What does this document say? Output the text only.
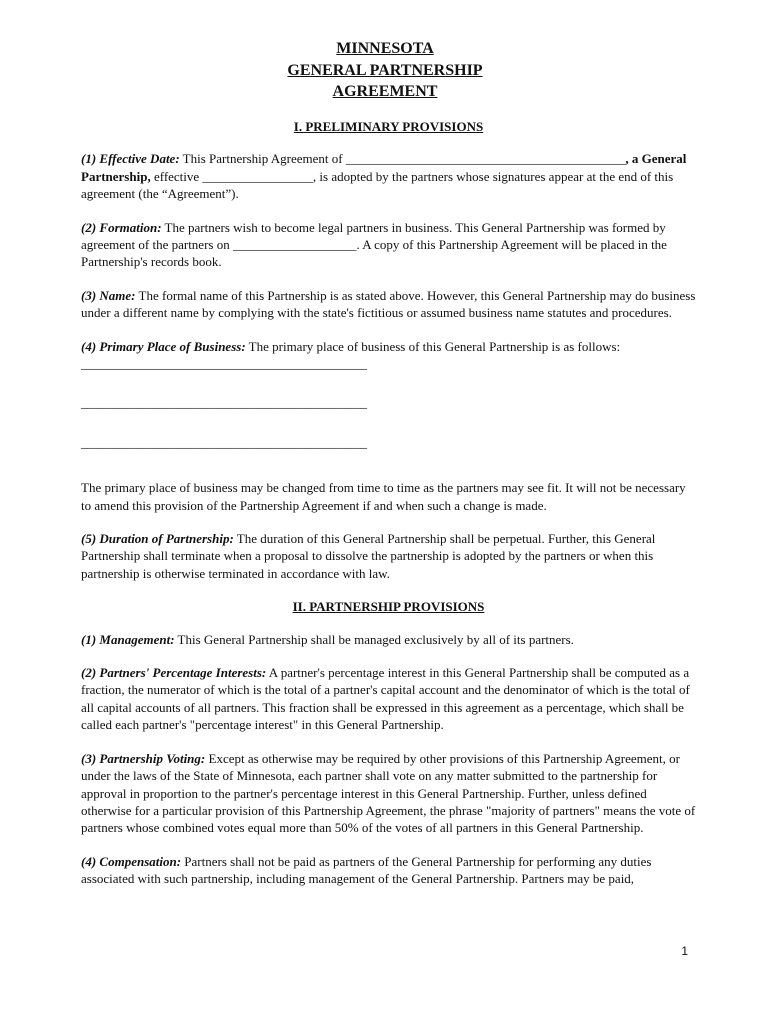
MINNESOTA
GENERAL PARTNERSHIP
AGREEMENT
I. PRELIMINARY PROVISIONS

(1) Effective Date: This Partnership Agreement of ___________________________________________, a General Partnership, effective _________________, is adopted by the partners whose signatures appear at the end of this agreement (the “Agreement”).

(2) Formation: The partners wish to become legal partners in business. This General Partnership was formed by agreement of the partners on ___________________. A copy of this Partnership Agreement will be placed in the Partnership's records book.

(3) Name: The formal name of this Partnership is as stated above. However, this General Partnership may do business under a different name by complying with the state's fictitious or assumed business name statutes and procedures.

(4) Primary Place of Business: The primary place of business of this General Partnership is as follows:

____________________________________________

____________________________________________

____________________________________________

The primary place of business may be changed from time to time as the partners may see fit. It will not be necessary to amend this provision of the Partnership Agreement if and when such a change is made.

(5) Duration of Partnership: The duration of this General Partnership shall be perpetual. Further, this General Partnership shall terminate when a proposal to dissolve the partnership is adopted by the partners or when this partnership is otherwise terminated in accordance with law.

II. PARTNERSHIP PROVISIONS

(1) Management: This General Partnership shall be managed exclusively by all of its partners.

(2) Partners' Percentage Interests: A partner's percentage interest in this General Partnership shall be computed as a fraction, the numerator of which is the total of a partner's capital account and the denominator of which is the total of all capital accounts of all partners. This fraction shall be expressed in this agreement as a percentage, which shall be called each partner's "percentage interest" in this General Partnership.

(3) Partnership Voting: Except as otherwise may be required by other provisions of this Partnership Agreement, or under the laws of the State of Minnesota, each partner shall vote on any matter submitted to the partnership for approval in proportion to the partner's percentage interest in this General Partnership. Further, unless defined otherwise for a particular provision of this Partnership Agreement, the phrase "majority of partners" means the vote of partners whose combined votes equal more than 50% of the votes of all partners in this General Partnership.

(4) Compensation: Partners shall not be paid as partners of the General Partnership for performing any duties associated with such partnership, including management of the General Partnership. Partners may be paid,

1
